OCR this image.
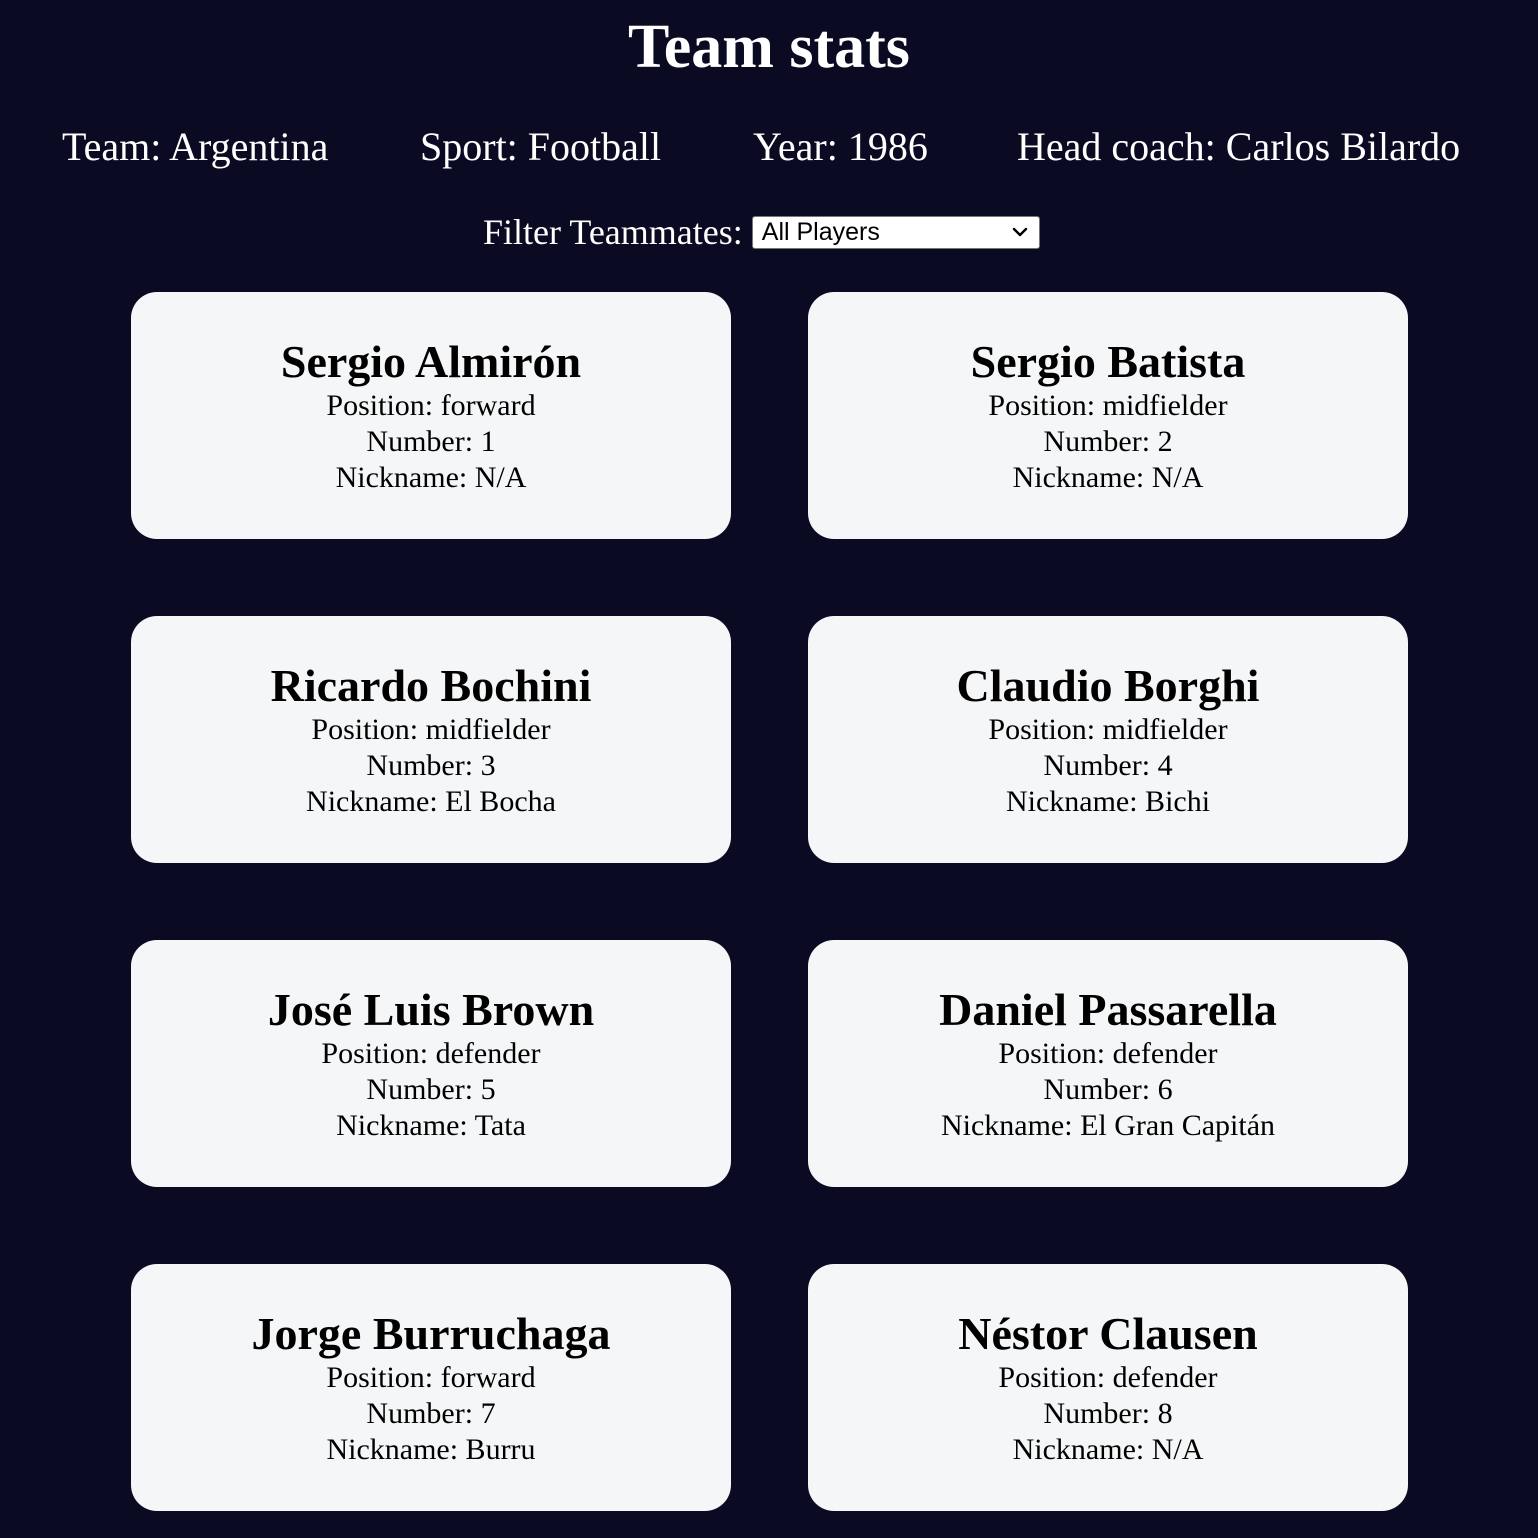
Team stats
Team: Argentina Sport: Football Year: 1986 Head coach: Carlos Bilardo
Filter Teammates: All Players

Sergio Almirón

Position: forward

Number: 1

Nickname: N/A

Sergio Batista

Position: midfielder

Number: 2

Nickname: N/A

Ricardo Bochini

Position: midfielder

Number: 3

Nickname: El Bocha

Claudio Borghi

Position: midfielder

Number: 4

Nickname: Bichi

José Luis Brown

Position: defender

Number: 5

Nickname: Tata

Daniel Passarella

Position: defender

Number: 6

Nickname: El Gran Capitán

Jorge Burruchaga

Position: forward

Number: 7

Nickname: Burru

Néstor Clausen

Position: defender

Number: 8

Nickname: N/A
